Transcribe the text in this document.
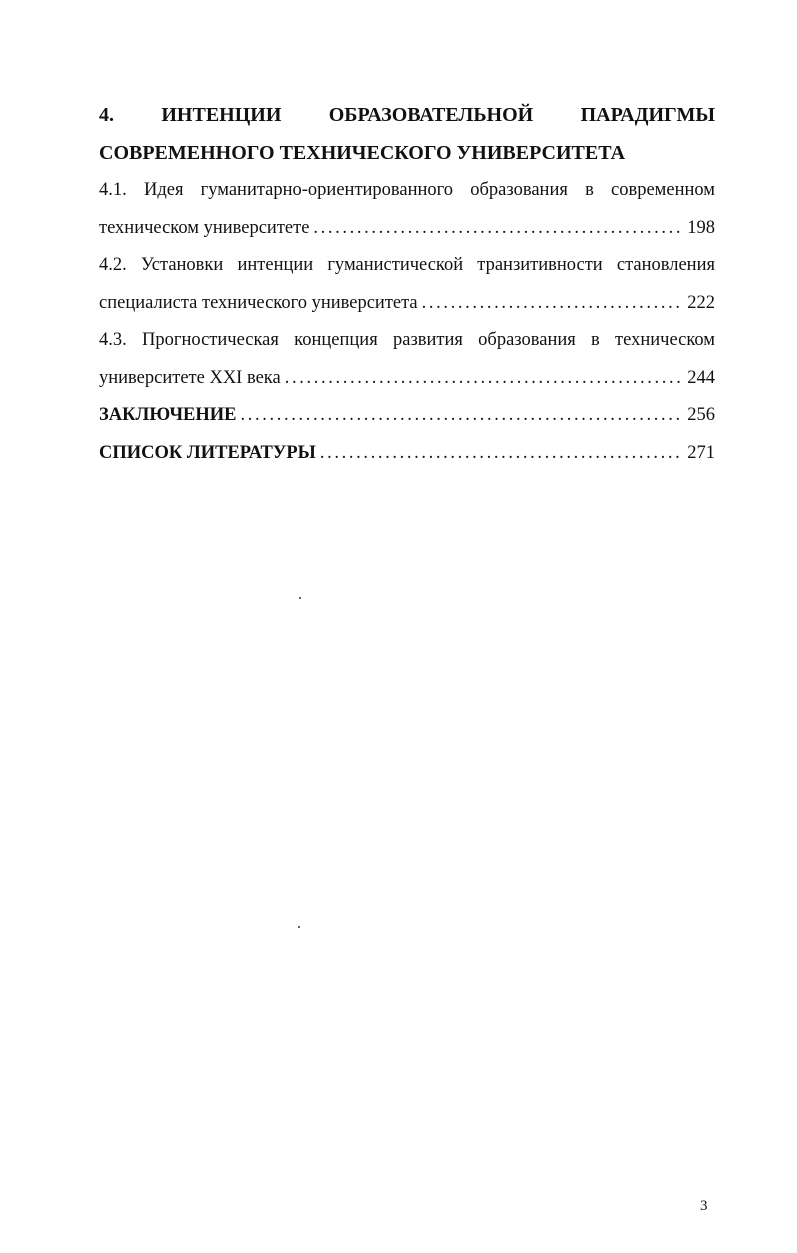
4. ИНТЕНЦИИ ОБРАЗОВАТЕЛЬНОЙ ПАРАДИГМЫ
СОВРЕМЕННОГО ТЕХНИЧЕСКОГО УНИВЕРСИТЕТА
4.1. Идея гуманитарно-ориентированного образования в современном
техническом университете . . .	198
4.2. Установки интенции гуманистической транзитивности становления
специалиста технического университета . . .	222
4.3. Прогностическая концепция развития образования в техническом
университете XXI века . . .	244
ЗАКЛЮЧЕНИЕ . . .	256
СПИСОК ЛИТЕРАТУРЫ . . .	271
3
